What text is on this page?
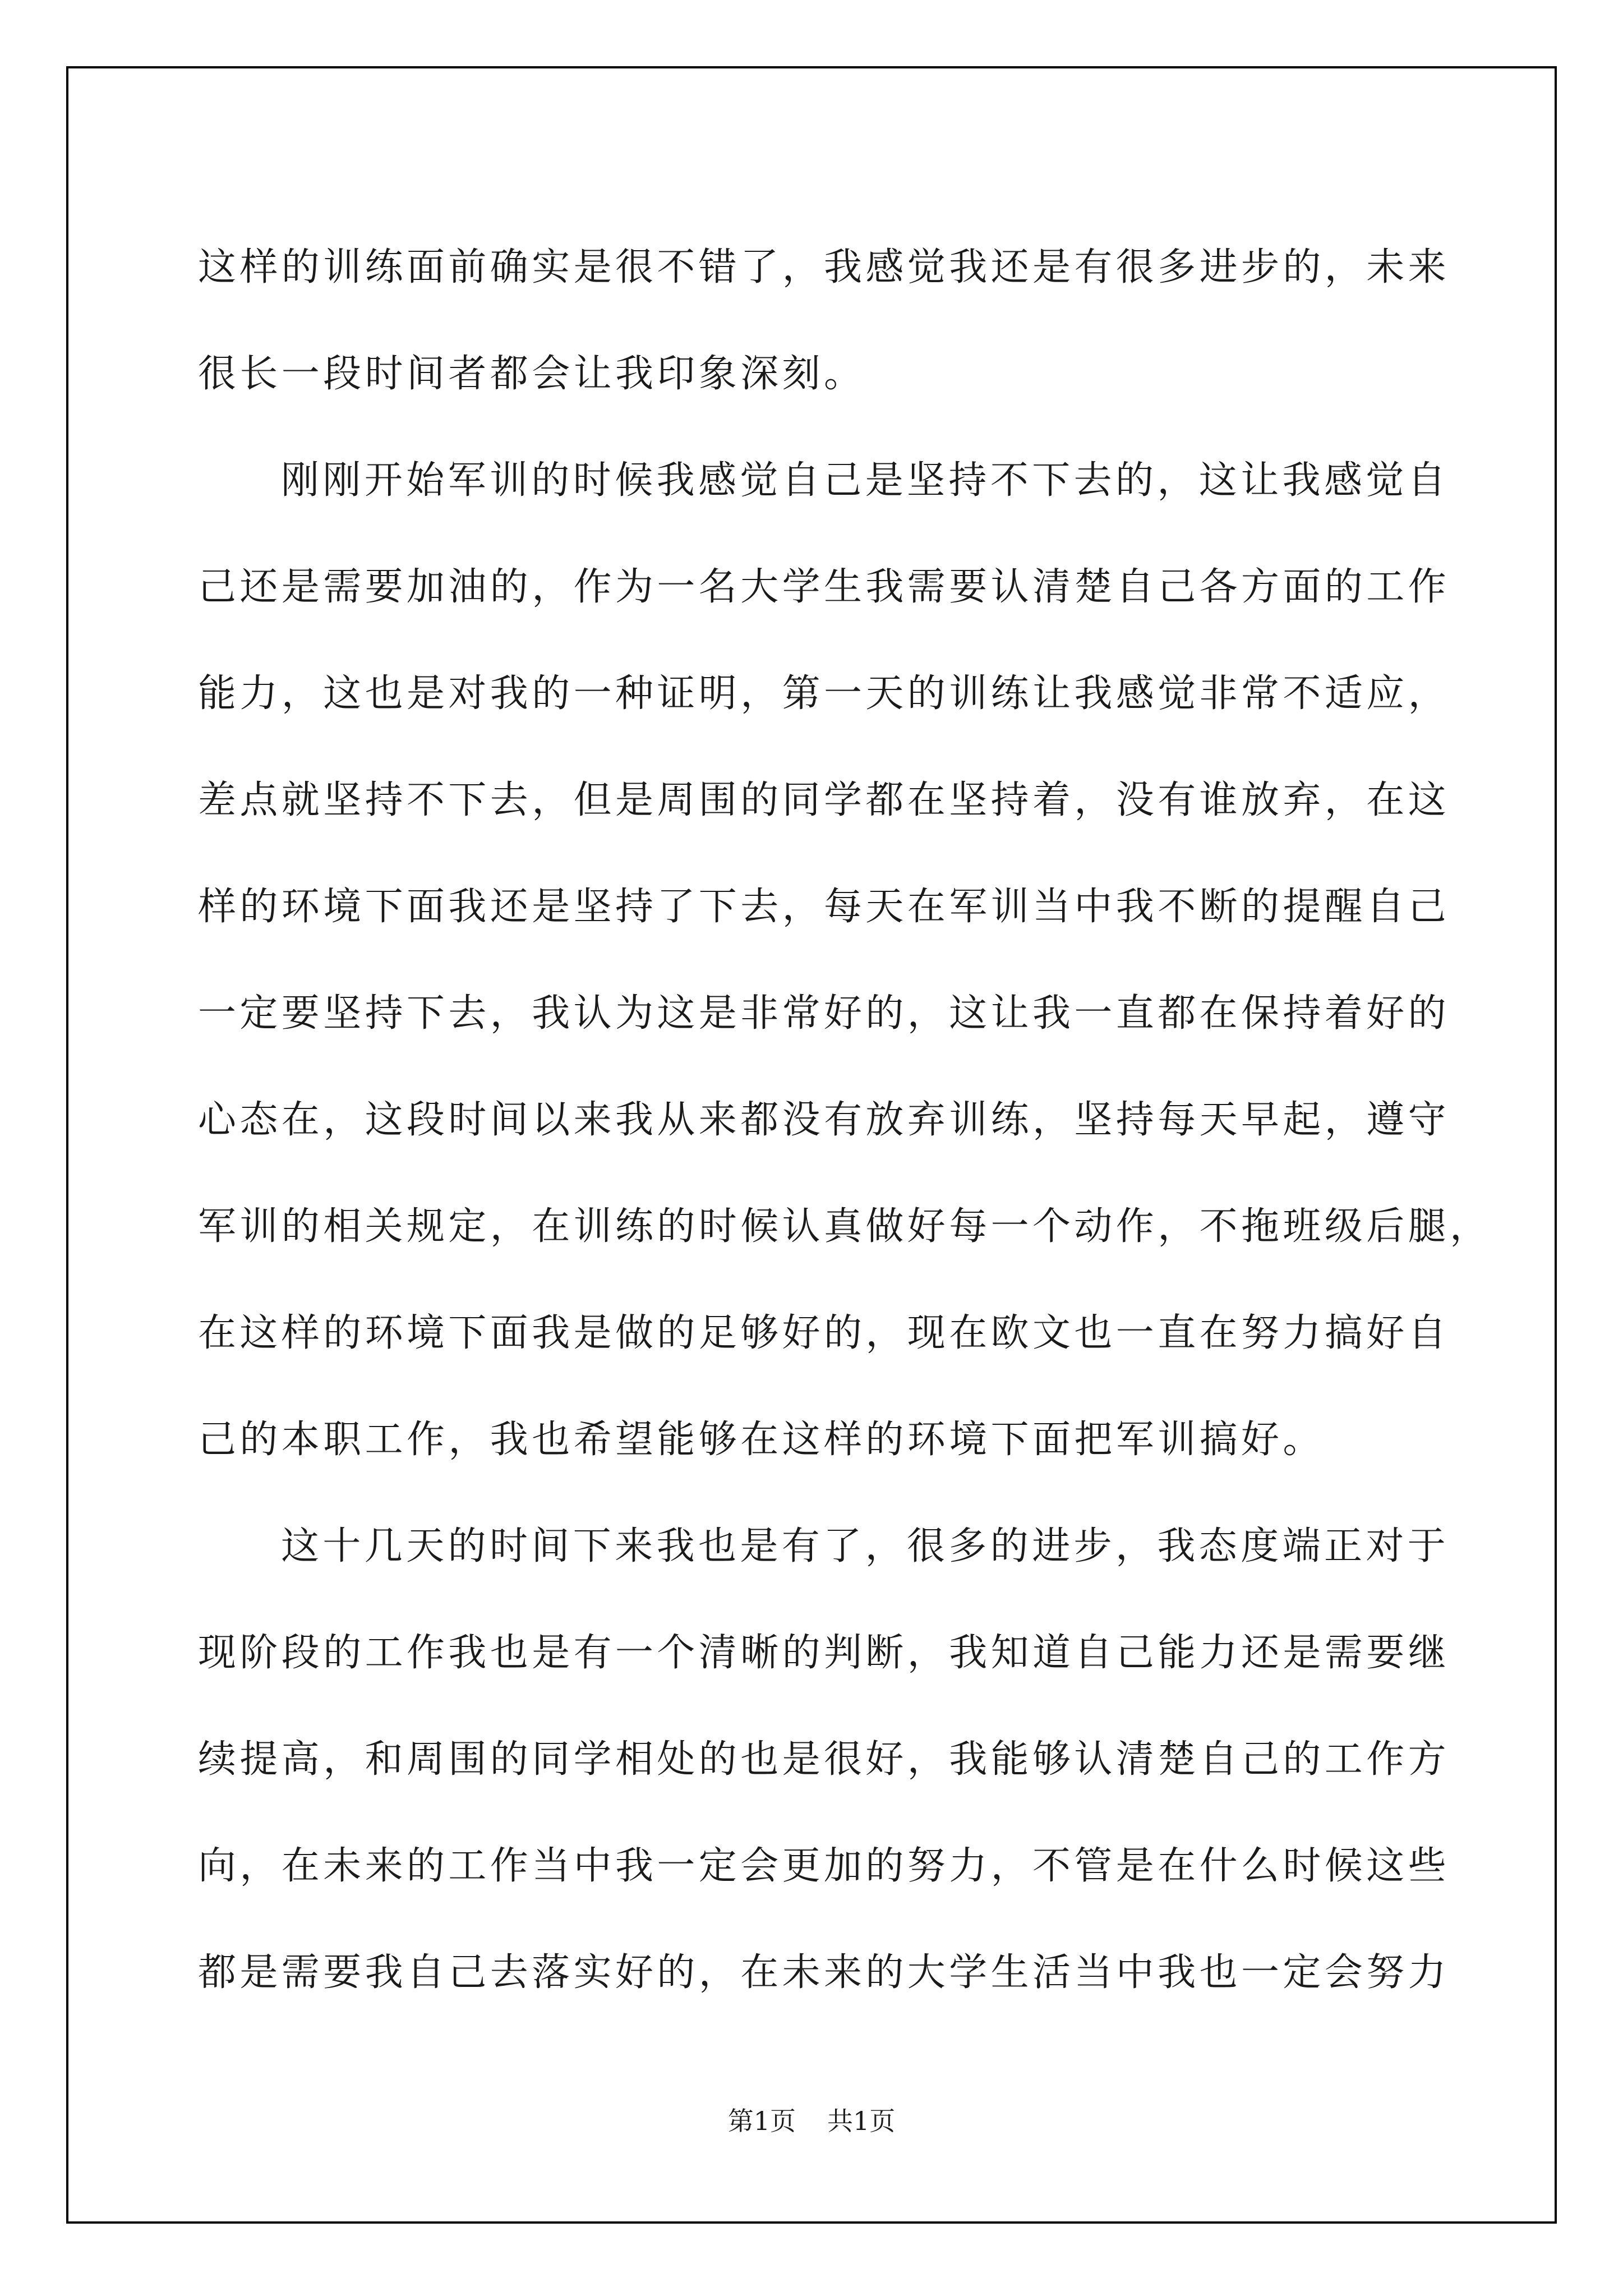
这样的训练面前确实是很不错了，我感觉我还是有很多进步的，未来
很长一段时间者都会让我印象深刻。
刚刚开始军训的时候我感觉自己是坚持不下去的，这让我感觉自
己还是需要加油的，作为一名大学生我需要认清楚自己各方面的工作
能力，这也是对我的一种证明，第一天的训练让我感觉非常不适应，
差点就坚持不下去，但是周围的同学都在坚持着，没有谁放弃，在这
样的环境下面我还是坚持了下去，每天在军训当中我不断的提醒自己
一定要坚持下去，我认为这是非常好的，这让我一直都在保持着好的
心态在，这段时间以来我从来都没有放弃训练，坚持每天早起，遵守
军训的相关规定，在训练的时候认真做好每一个动作，不拖班级后腿，
在这样的环境下面我是做的足够好的，现在欧文也一直在努力搞好自
己的本职工作，我也希望能够在这样的环境下面把军训搞好。
这十几天的时间下来我也是有了，很多的进步，我态度端正对于
现阶段的工作我也是有一个清晰的判断，我知道自己能力还是需要继
续提高，和周围的同学相处的也是很好，我能够认清楚自己的工作方
向，在未来的工作当中我一定会更加的努力，不管是在什么时候这些
都是需要我自己去落实好的，在未来的大学生活当中我也一定会努力
第1页 共1页
